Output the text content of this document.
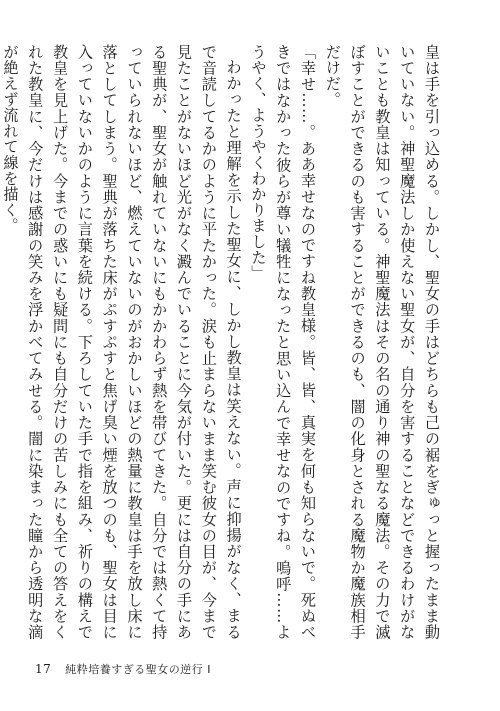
皇は手を引っ込める。しかし、聖女の手はどちらも己の裾をぎゅっと握ったまま動いていない。神聖魔法しか使えない聖女が、自分を害することなどできるわけがないことも教皇は知っている。神聖魔法はその名の通り神の聖なる魔法。その力で滅ぼすことができるのも害することができるのも、闇の化身とされる魔物か魔族相手だけだ。

「幸せ……。ああ幸せなのですね教皇様。皆、皆、真実を何も知らないで。死ぬべきではなかった彼らが尊い犠牲になったと思い込んで幸せなのですね。嗚呼……ようやく、ようやくわかりました」

わかったと理解を示した聖女に、しかし教皇は笑えない。声に抑揚がなく、まるで音読してるかのように平たかった。涙も止まらないまま笑む彼女の目が、今まで見たことがないほど光がなく澱んでいることに今気が付いた。更には自分の手にある聖典が、聖女が触れていないにもかかわらず熱を帯びてきた。自分では熱くて持っていられないほど、燃えていないのがおかしいほどの熱量に教皇は手を放し床に落としてしまう。聖典が落ちた床がぷすぷすと焦げ臭い煙を放つのも、聖女は目に入っていないかのように言葉を続ける。下ろしていた手で指を組み、祈りの構えで教皇を見上げた。今までの惑いにも疑問にも自分だけの苦しみにも全ての答えをくれた教皇に、今だけは感謝の笑みを浮かべてみせる。闇に染まった瞳から透明な滴が絶えず流れて線を描く。

17 純粋培養すぎる聖女の逆行 I
